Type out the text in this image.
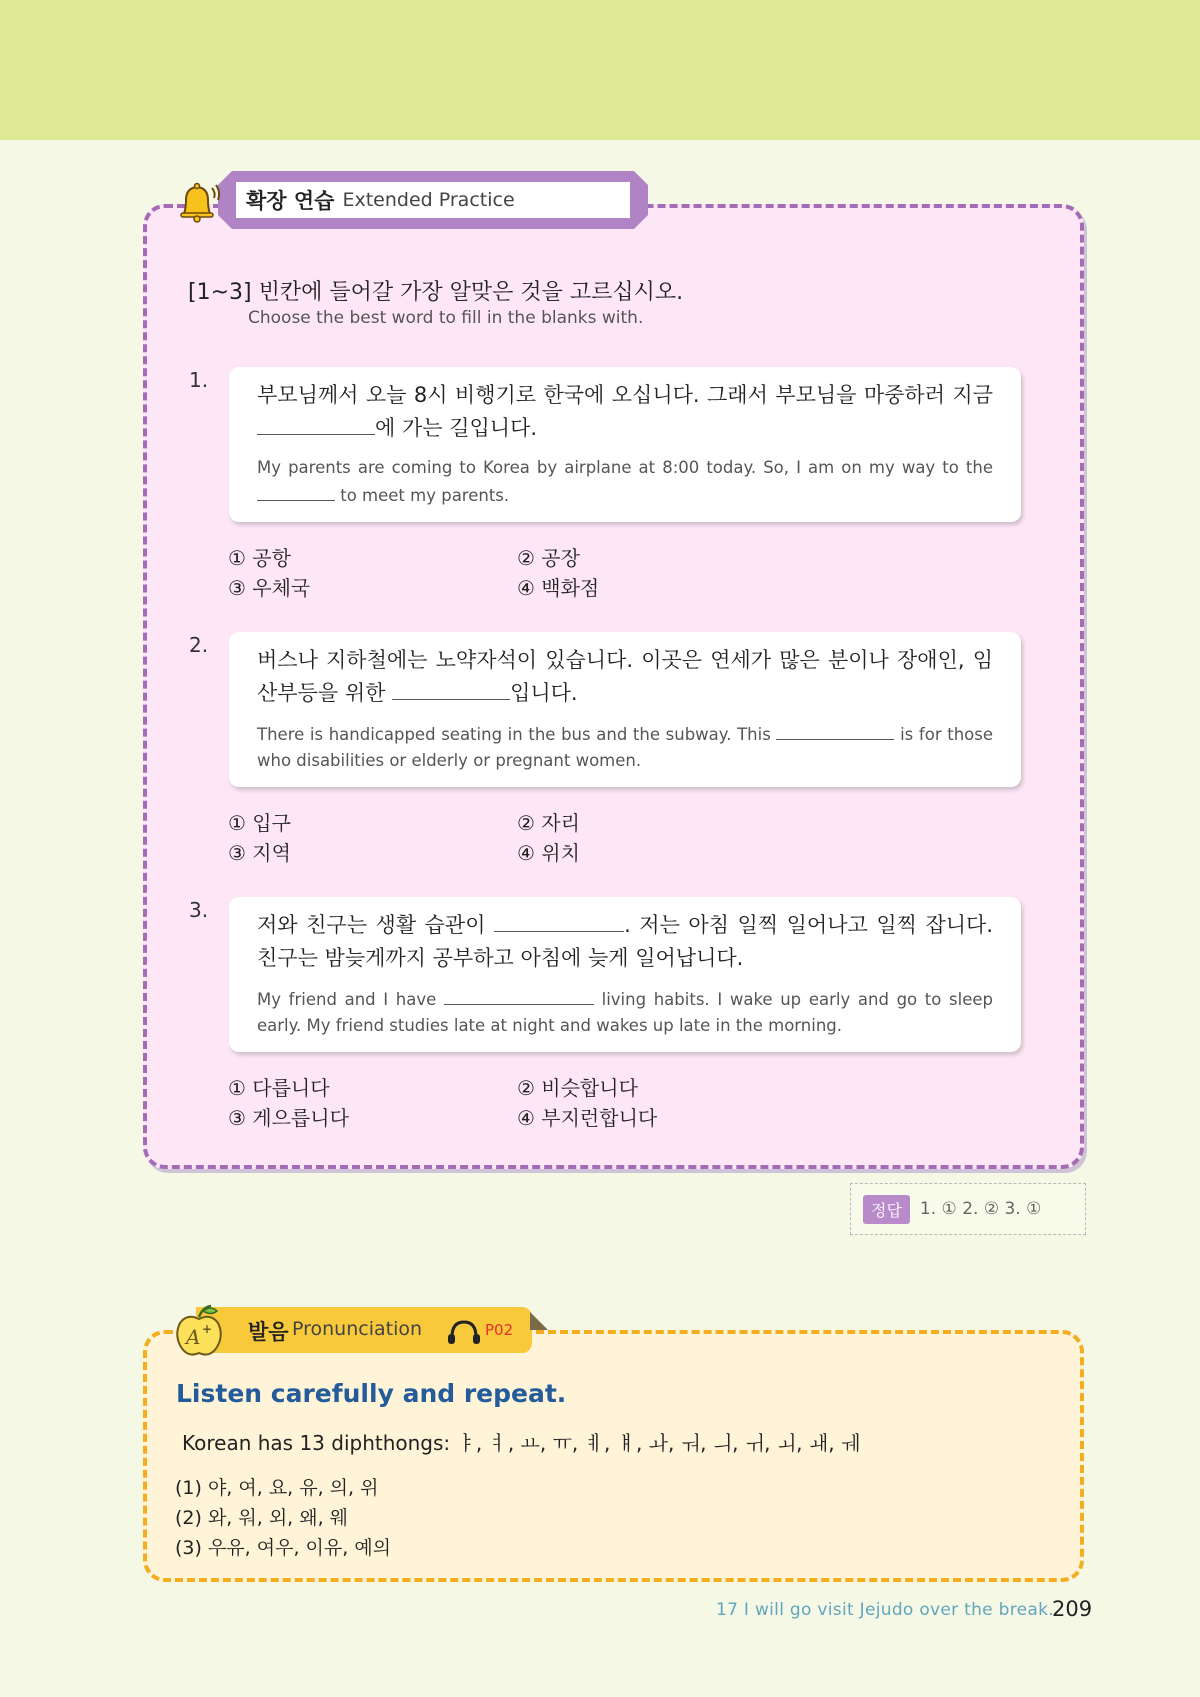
확장 연습 Extended Practice
[1~3] 빈칸에 들어갈 가장 알맞은 것을 고르십시오.
Choose the best word to fill in the blanks with.
1.
부모님께서 오늘 8시 비행기로 한국에 오십니다. 그래서 부모님을 마중하러 지금 에 가는 길입니다.
My parents are coming to Korea by airplane at 8:00 today. So, I am on my way to the  to meet my parents.
① 공항	② 공장
③ 우체국	④ 백화점
2.
버스나 지하철에는 노약자석이 있습니다. 이곳은 연세가 많은 분이나 장애인, 임산부등을 위한	입니다.
There is handicapped seating in the bus and the subway. This	is for those who disabilities or elderly or pregnant women.
① 입구	② 자리
③ 지역	④ 위치
3.
저와 친구는 생활 습관이	. 저는 아침 일찍 일어나고 일찍 잡니다. 친구는 밤늦게까지 공부하고 아침에 늦게 일어납니다.
My friend and I have	living habits. I wake up early and go to sleep early. My friend studies late at night and wakes up late in the morning.
① 다릅니다	② 비슷합니다
③ 게으릅니다	④ 부지런합니다
정답	1. ① 2. ② 3. ①
A + 발음 Pronunciation	P02
Listen carefully and repeat.
Korean has 13 diphthongs: ㅑ, ㅕ, ㅛ, ㅠ, ㅖ, ㅒ, ㅘ, ㅝ, ㅢ, ㅟ, ㅚ, ㅙ, ㅞ
(1) 야, 여, 요, 유, 의, 위
(2) 와, 워, 외, 왜, 웨
(3) 우유, 여우, 이유, 예의
17 I will go visit Jejudo over the break.
209
